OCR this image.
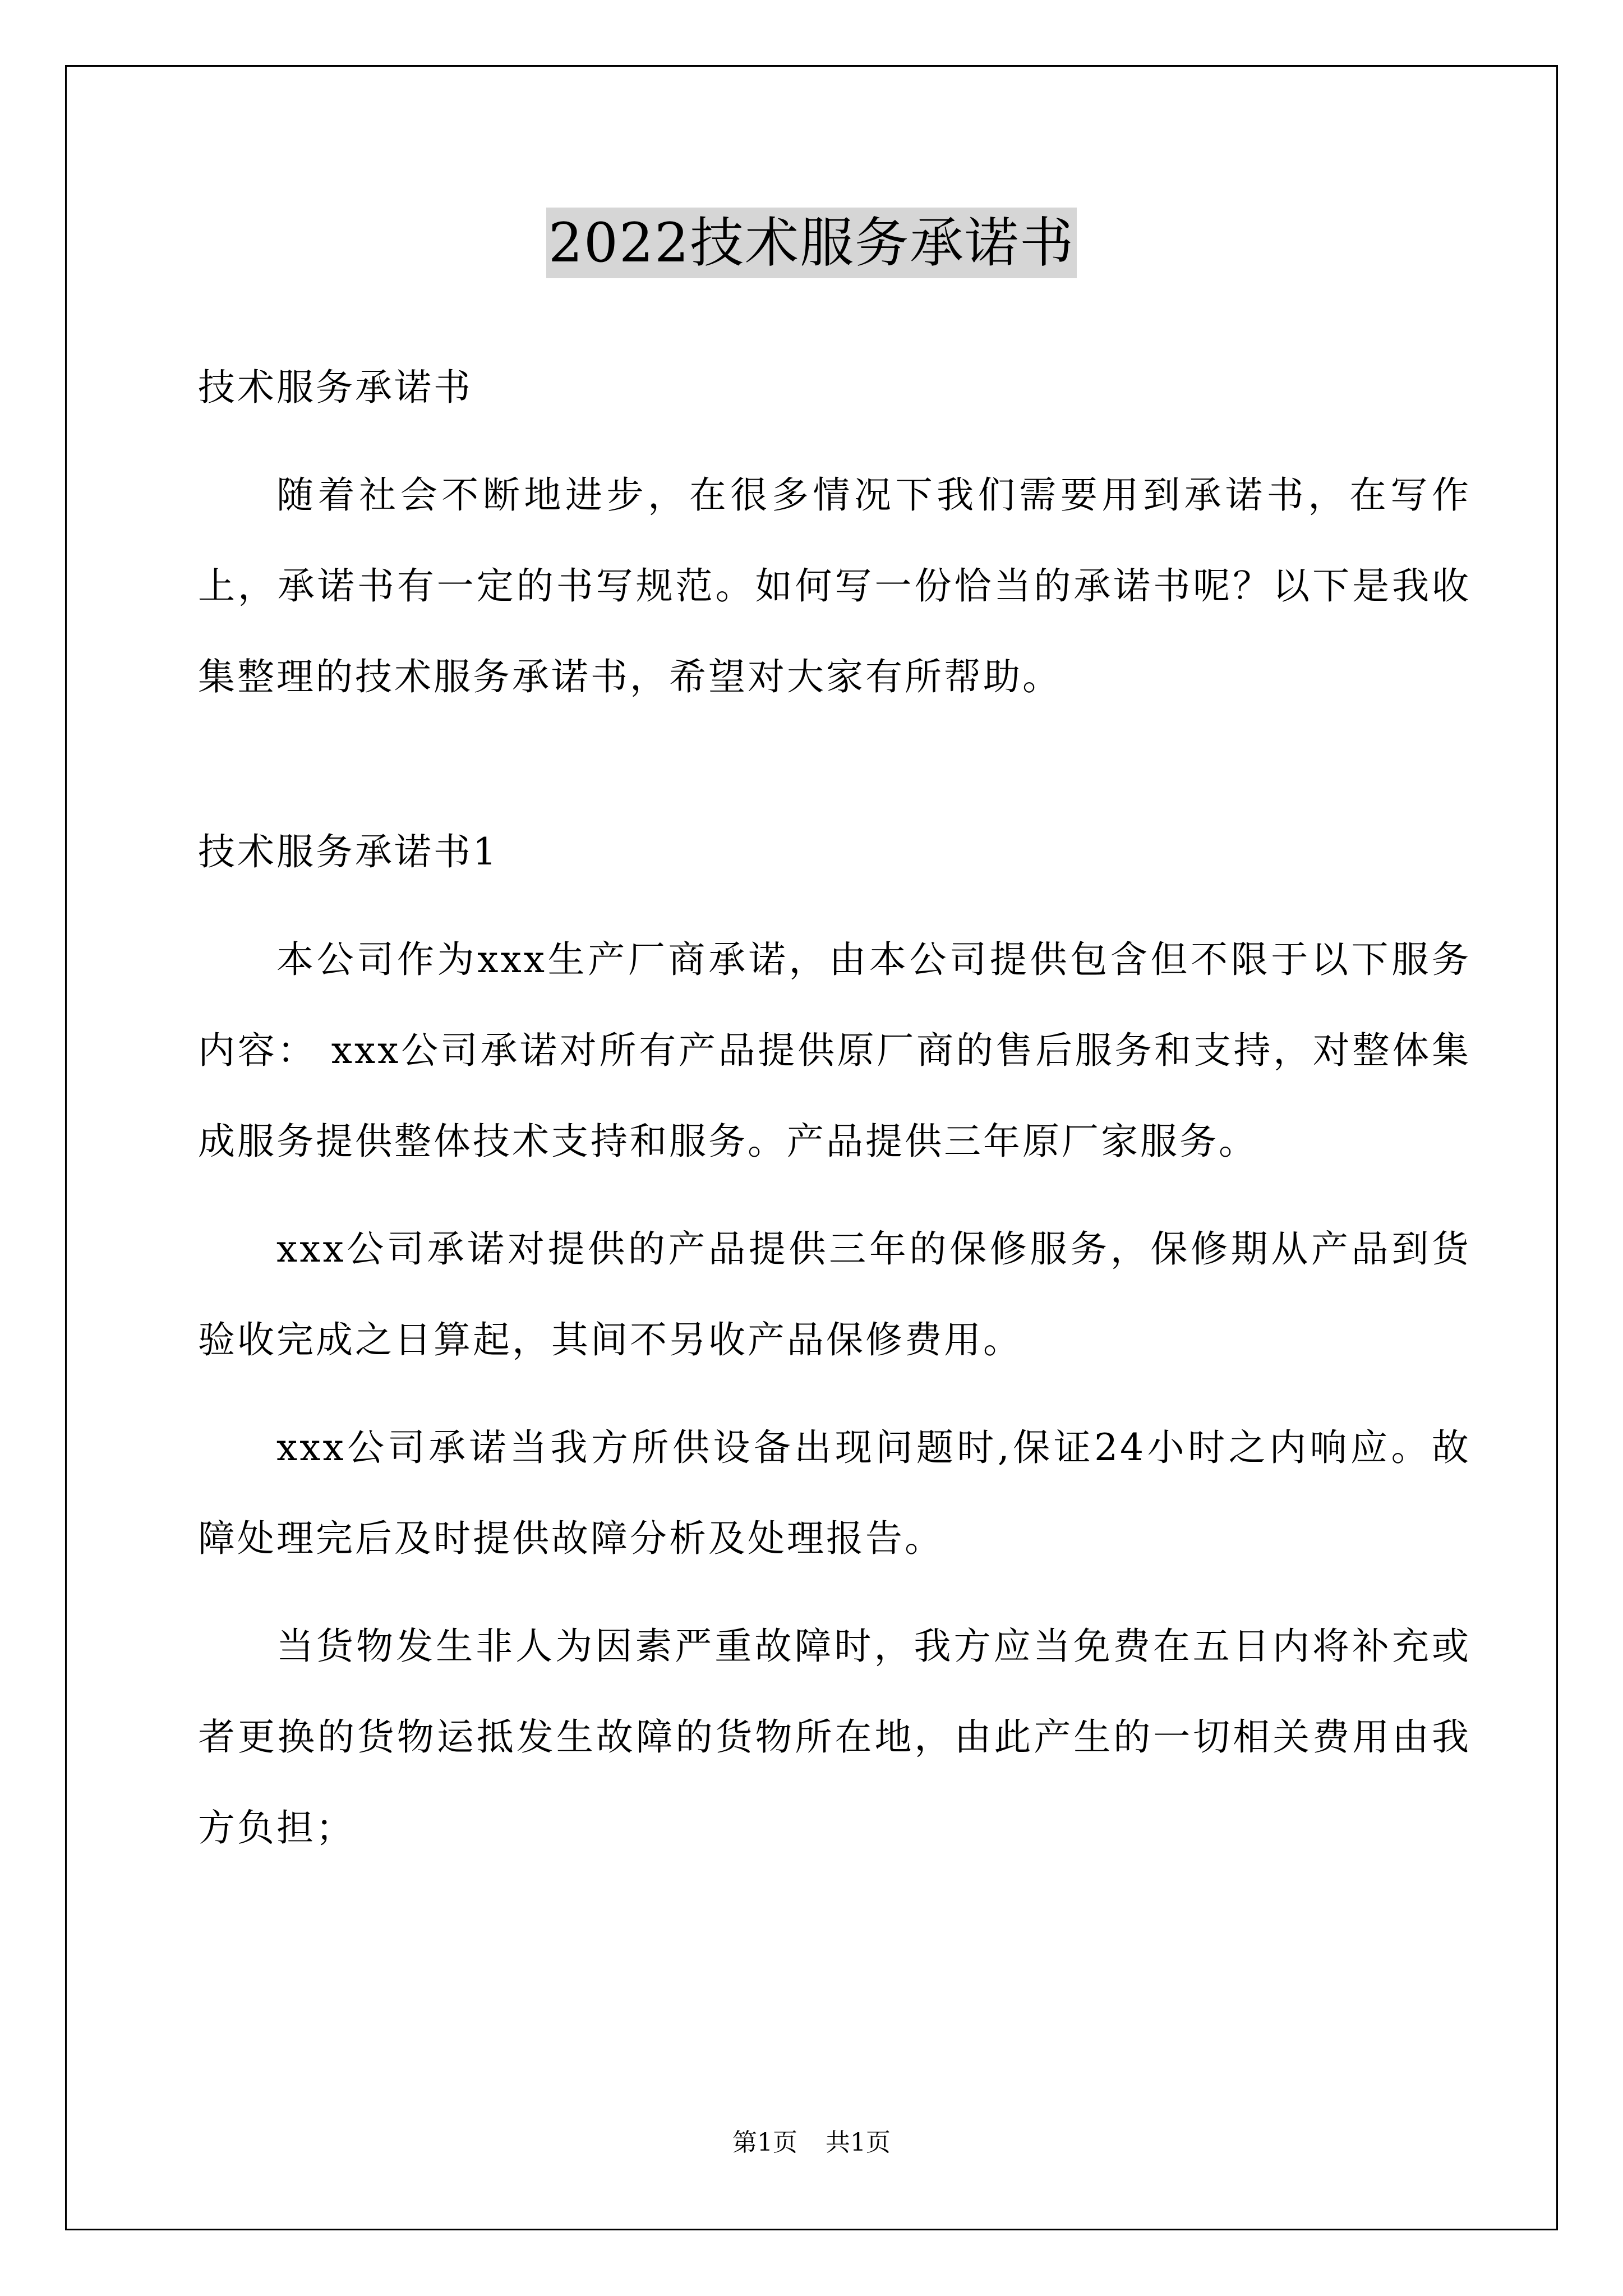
2022技术服务承诺书

技术服务承诺书

随着社会不断地进步，在很多情况下我们需要用到承诺书，在写作上，承诺书有一定的书写规范。如何写一份恰当的承诺书呢？以下是我收集整理的技术服务承诺书，希望对大家有所帮助。

技术服务承诺书1

本公司作为xxx生产厂商承诺，由本公司提供包含但不限于以下服务内容： xxx公司承诺对所有产品提供原厂商的售后服务和支持，对整体集成服务提供整体技术支持和服务。产品提供三年原厂家服务。

xxx公司承诺对提供的产品提供三年的保修服务，保修期从产品到货验收完成之日算起，其间不另收产品保修费用。

xxx公司承诺当我方所供设备出现问题时,保证24小时之内响应。故障处理完后及时提供故障分析及处理报告。

当货物发生非人为因素严重故障时，我方应当免费在五日内将补充或者更换的货物运抵发生故障的货物所在地，由此产生的一切相关费用由我方负担；

第1页 共1页
